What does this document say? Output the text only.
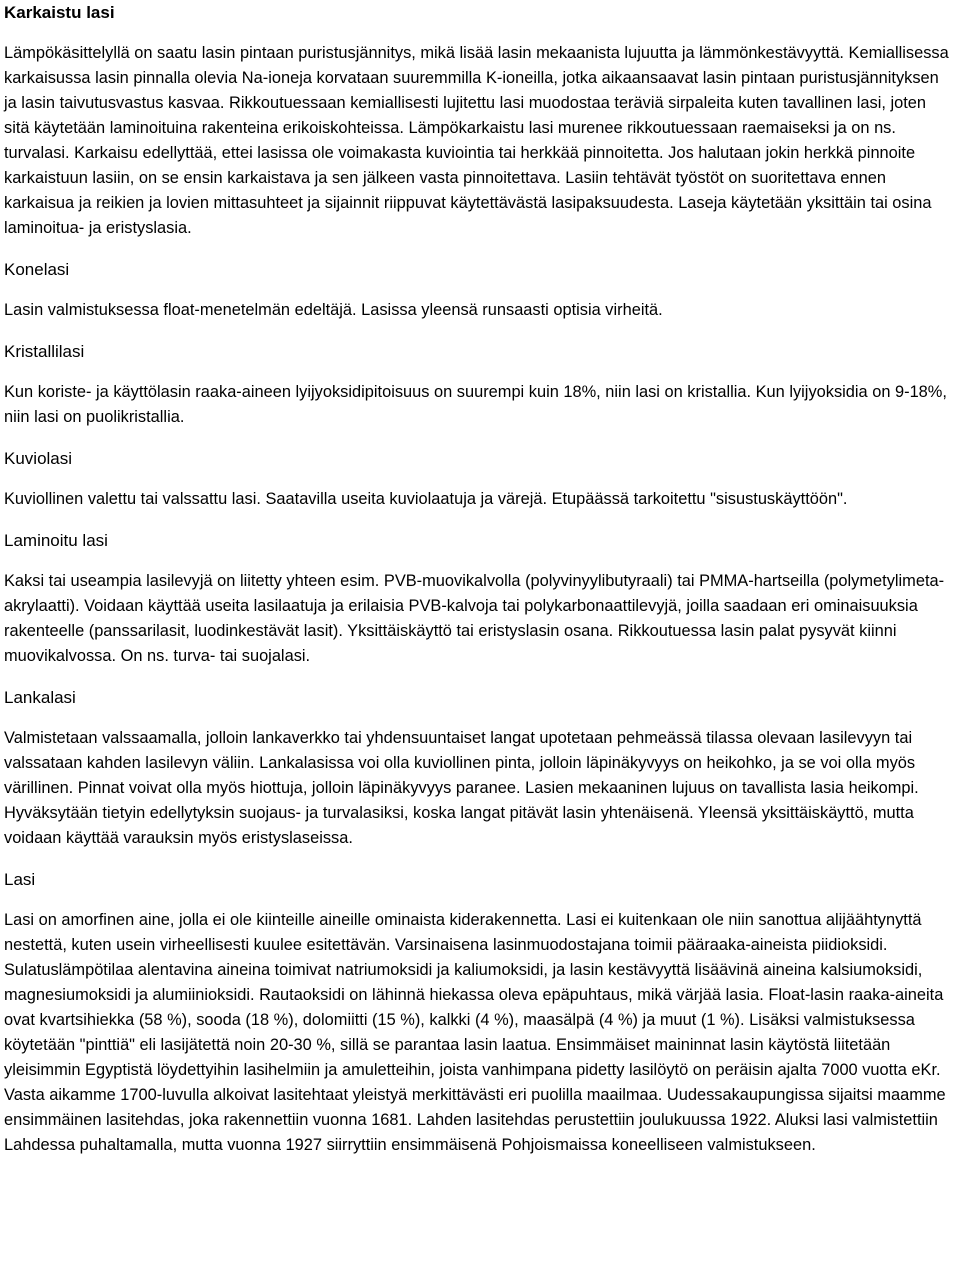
Karkaistu lasi

Lämpökäsittelyllä on saatu lasin pintaan puristusjännitys, mikä lisää lasin mekaanista lujuutta ja lämmönkestävyyttä. Kemiallisessa karkaisussa lasin pinnalla olevia Na-ioneja korvataan suuremmilla K-ioneilla, jotka aikaansaavat lasin pintaan puristusjännityksen ja lasin taivutusvastus kasvaa. Rikkoutuessaan kemiallisesti lujitettu lasi muodostaa teräviä sirpaleita kuten tavallinen lasi, joten sitä käytetään laminoituina rakenteina erikoiskohteissa. Lämpökarkaistu lasi murenee rikkoutuessaan raemaiseksi ja on ns. turvalasi. Karkaisu edellyttää, ettei lasissa ole voimakasta kuviointia tai herkkää pinnoitetta. Jos halutaan jokin herkkä pinnoite karkaistuun lasiin, on se ensin karkaistava ja sen jälkeen vasta pinnoitettava. Lasiin tehtävät työstöt on suoritettava ennen karkaisua ja reikien ja lovien mittasuhteet ja sijainnit riippuvat käytettävästä lasipaksuudesta. Laseja käytetään yksittäin tai osina laminoitua- ja eristyslasia.

Konelasi

Lasin valmistuksessa float-menetelmän edeltäjä. Lasissa yleensä runsaasti optisia virheitä.

Kristallilasi

Kun koriste- ja käyttölasin raaka-aineen lyijyoksidipitoisuus on suurempi kuin 18%, niin lasi on kristallia. Kun lyijyoksidia on 9-18%, niin lasi on puolikristallia.

Kuviolasi

Kuviollinen valettu tai valssattu lasi. Saatavilla useita kuviolaatuja ja värejä. Etupäässä tarkoitettu "sisustuskäyttöön".

Laminoitu lasi

Kaksi tai useampia lasilevyjä on liitetty yhteen esim. PVB-muovikalvolla (polyvinyylibutyraali) tai PMMA-hartseilla (polymetylimeta-akrylaatti). Voidaan käyttää useita lasilaatuja ja erilaisia PVB-kalvoja tai polykarbonaattilevyjä, joilla saadaan eri ominaisuuksia rakenteelle (panssarilasit, luodinkestävät lasit). Yksittäiskäyttö tai eristyslasin osana. Rikkoutuessa lasin palat pysyvät kiinni muovikalvossa. On ns. turva- tai suojalasi.

Lankalasi

Valmistetaan valssaamalla, jolloin lankaverkko tai yhdensuuntaiset langat upotetaan pehmeässä tilassa olevaan lasilevyyn tai valssataan kahden lasilevyn väliin. Lankalasissa voi olla kuviollinen pinta, jolloin läpinäkyvyys on heikohko, ja se voi olla myös värillinen. Pinnat voivat olla myös hiottuja, jolloin läpinäkyvyys paranee. Lasien mekaaninen lujuus on tavallista lasia heikompi. Hyväksytään tietyin edellytyksin suojaus- ja turvalasiksi, koska langat pitävät lasin yhtenäisenä. Yleensä yksittäiskäyttö, mutta voidaan käyttää varauksin myös eristyslaseissa.

Lasi

Lasi on amorfinen aine, jolla ei ole kiinteille aineille ominaista kiderakennetta. Lasi ei kuitenkaan ole niin sanottua alijäähtynyttä nestettä, kuten usein virheellisesti kuulee esitettävän. Varsinaisena lasinmuodostajana toimii pääraaka-aineista piidioksidi. Sulatuslämpötilaa alentavina aineina toimivat natriumoksidi ja kaliumoksidi, ja lasin kestävyyttä lisäävinä aineina kalsiumoksidi, magnesiumoksidi ja alumiinioksidi. Rautaoksidi on lähinnä hiekassa oleva epäpuhtaus, mikä värjää lasia. Float-lasin raaka-aineita ovat kvartsihiekka (58 %), sooda (18 %), dolomiitti (15 %), kalkki (4 %), maasälpä (4 %) ja muut (1 %). Lisäksi valmistuksessa köytetään "pinttiä" eli lasijätettä noin 20-30 %, sillä se parantaa lasin laatua. Ensimmäiset maininnat lasin käytöstä liitetään yleisimmin Egyptistä löydettyihin lasihelmiin ja amuletteihin, joista vanhimpana pidetty lasilöytö on peräisin ajalta 7000 vuotta eKr. Vasta aikamme 1700-luvulla alkoivat lasitehtaat yleistyä merkittävästi eri puolilla maailmaa. Uudessakaupungissa sijaitsi maamme ensimmäinen lasitehdas, joka rakennettiin vuonna 1681. Lahden lasitehdas perustettiin joulukuussa 1922. Aluksi lasi valmistettiin Lahdessa puhaltamalla, mutta vuonna 1927 siirryttiin ensimmäisenä Pohjoismaissa koneelliseen valmistukseen.
